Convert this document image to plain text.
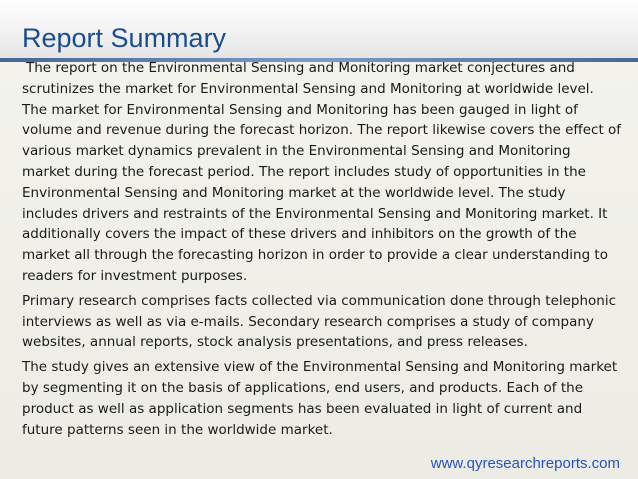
Report Summary

The report on the Environmental Sensing and Monitoring market conjectures and scrutinizes the market for Environmental Sensing and Monitoring at worldwide level. The market for Environmental Sensing and Monitoring has been gauged in light of volume and revenue during the forecast horizon. The report likewise covers the effect of various market dynamics prevalent in the Environmental Sensing and Monitoring market during the forecast period. The report includes study of opportunities in the Environmental Sensing and Monitoring market at the worldwide level. The study includes drivers and restraints of the Environmental Sensing and Monitoring market. It additionally covers the impact of these drivers and inhibitors on the growth of the market all through the forecasting horizon in order to provide a clear understanding to readers for investment purposes.

Primary research comprises facts collected via communication done through telephonic interviews as well as via e-mails. Secondary research comprises a study of company websites, annual reports, stock analysis presentations, and press releases.

The study gives an extensive view of the Environmental Sensing and Monitoring market by segmenting it on the basis of applications, end users, and products. Each of the product as well as application segments has been evaluated in light of current and future patterns seen in the worldwide market.

www.qyresearchreports.com
